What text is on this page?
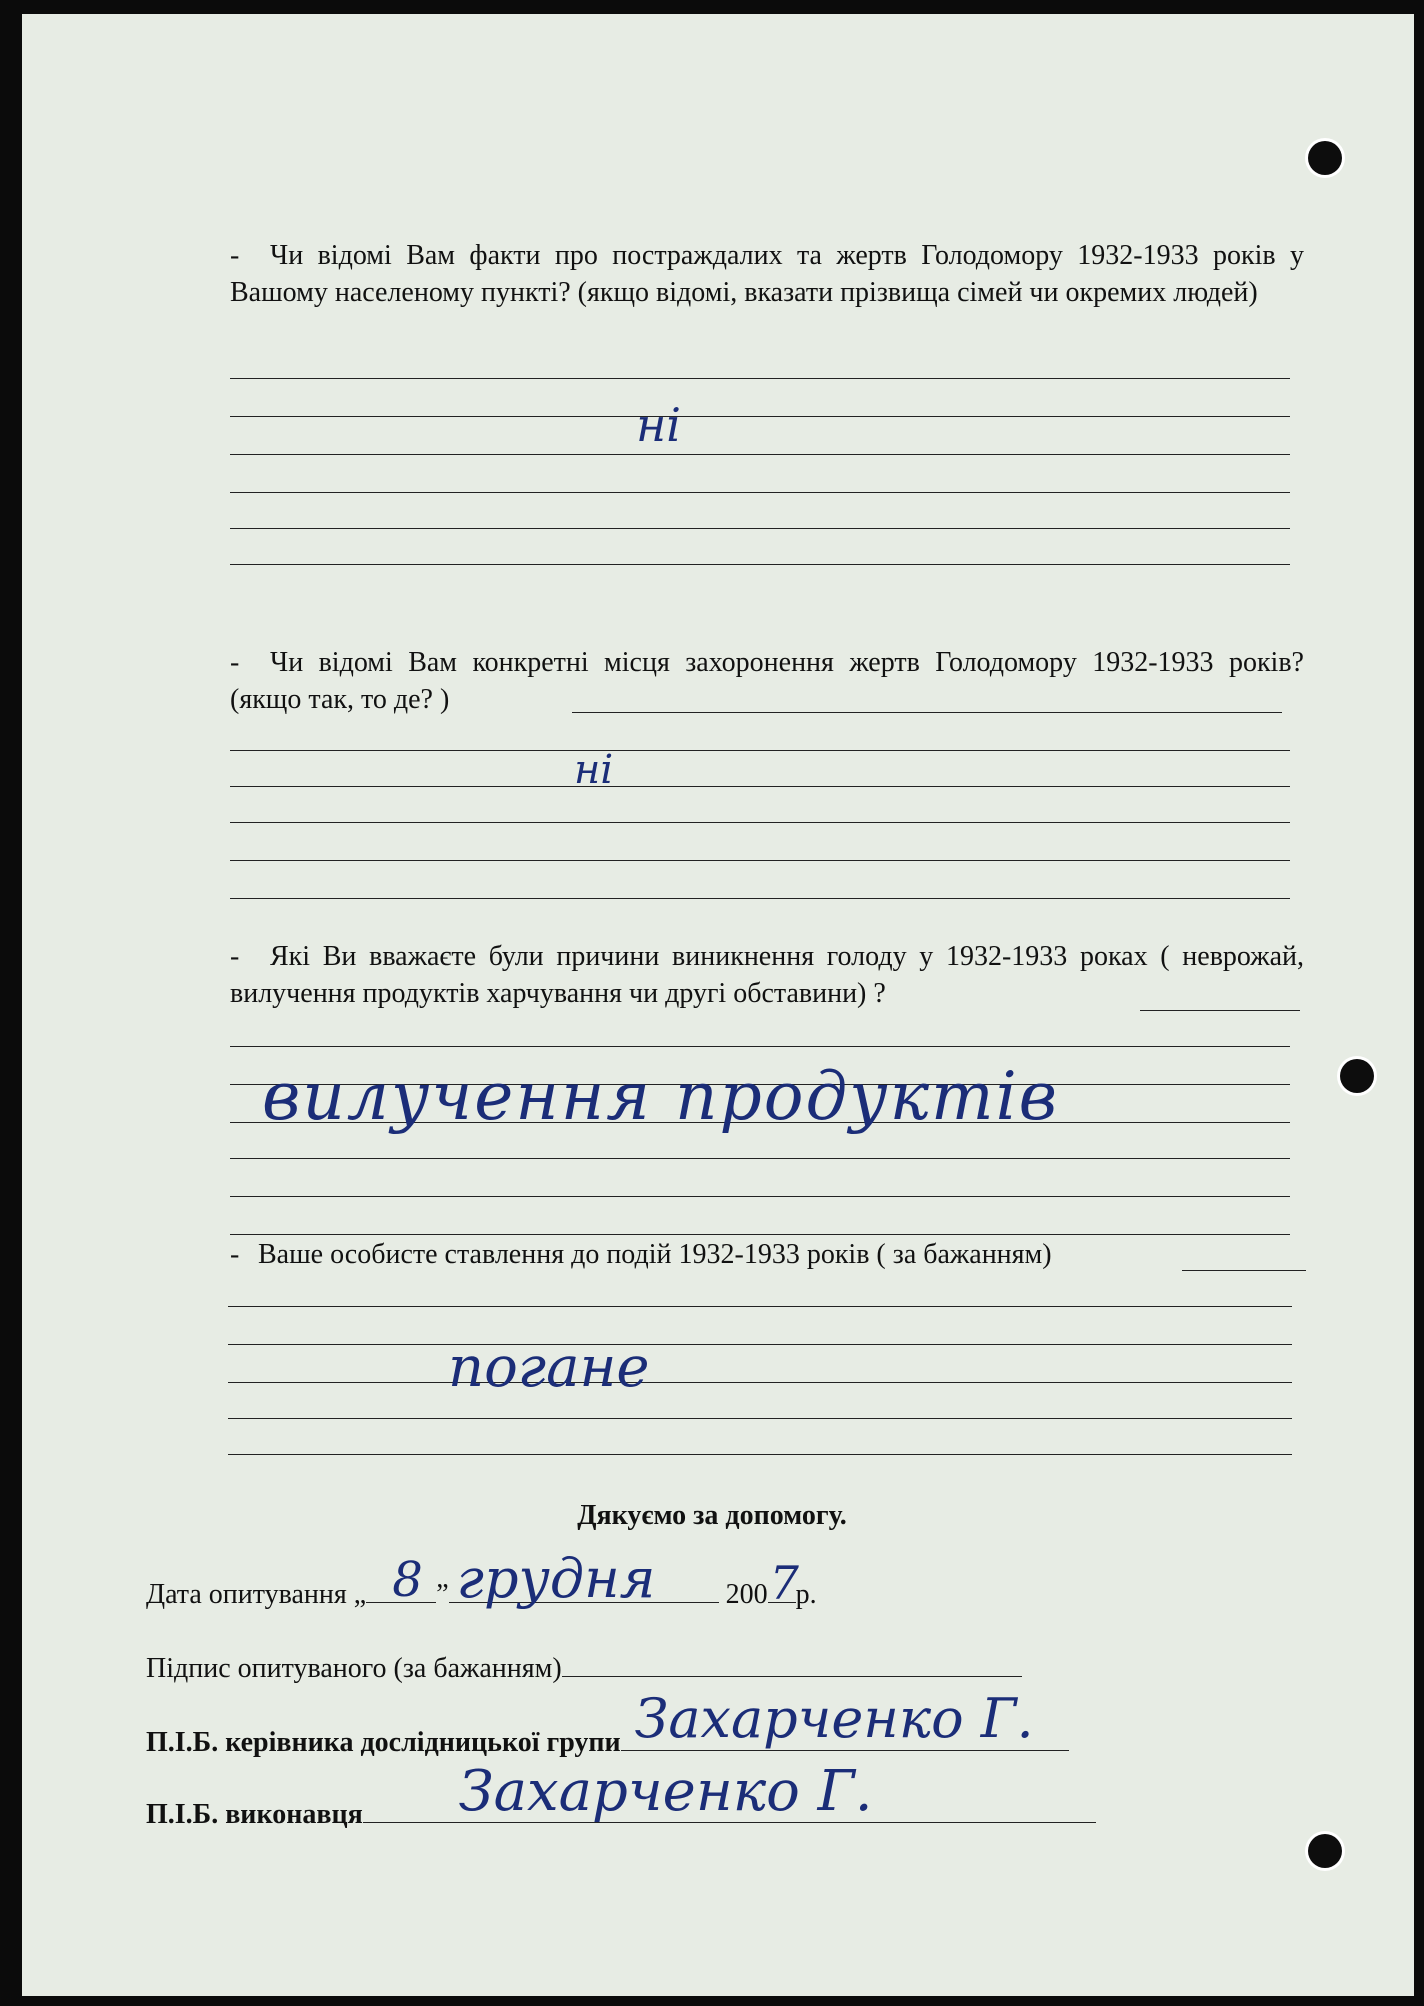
- Чи відомі Вам факти про постраждалих та жертв Голодомору 1932-1933 років у Вашому населеному пункті? (якщо відомі, вказати прізвища сімей чи окремих людей)

ні

- Чи відомі Вам конкретні місця захоронення жертв Голодомору 1932-1933 років? (якщо так, то де? )

ні

- Які Ви вважаєте були причини виникнення голоду у 1932-1933 роках ( неврожай, вилучення продуктів харчування чи другі обставини) ?

вилучення продуктів

- Ваше особисте ставлення до подій 1932-1933 років ( за бажанням)

погане
Дякуємо за допомогу.
Дата опитування „ 8 ” грудня	200 7
р.
Підпис опитуваного (за бажанням)
П.І.Б. керівника дослідницької групи Захарченко Г.
П.І.Б. виконавця Захарченко Г.
